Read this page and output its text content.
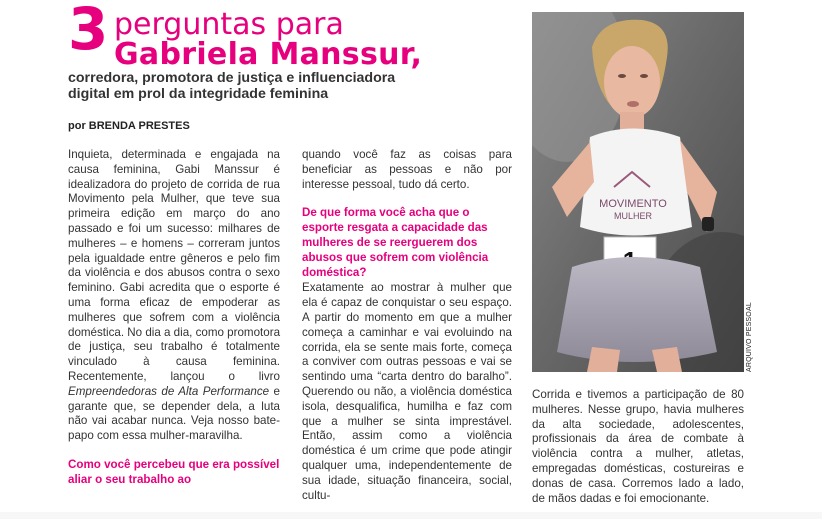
3 perguntas para
Gabriela Manssur,
corredora, promotora de justiça e influenciadora digital em prol da integridade feminina
por BRENDA PRESTES

Inquieta, determinada e engajada na causa feminina, Gabi Manssur é idealizadora do projeto de corrida de rua Movimento pela Mulher, que teve sua primeira edição em março do ano passado e foi um sucesso: milhares de mulheres – e homens – correram juntos pela igualdade entre gêneros e pelo fim da violência e dos abusos contra o sexo feminino. Gabi acredita que o esporte é uma forma eficaz de empoderar as mulheres que sofrem com a violência doméstica. No dia a dia, como promotora de justiça, seu trabalho é totalmente vinculado à causa feminina. Recentemente, lançou o livro Empreendedoras de Alta Performance e garante que, se depender dela, a luta não vai acabar nunca. Veja nosso bate-papo com essa mulher-maravilha.

Como você percebeu que era possível aliar o seu trabalho ao

quando você faz as coisas para beneficiar as pessoas e não por interesse pessoal, tudo dá certo.

De que forma você acha que o esporte resgata a capacidade das mulheres de se reerguerem dos abusos que sofrem com violência doméstica?

Exatamente ao mostrar à mulher que ela é capaz de conquistar o seu espaço. A partir do momento em que a mulher começa a caminhar e vai evoluindo na corrida, ela se sente mais forte, começa a conviver com outras pessoas e vai se sentindo uma “carta dentro do baralho”. Querendo ou não, a violência doméstica isola, desqualifica, humilha e faz com que a mulher se sinta imprestável. Então, assim como a violência doméstica é um crime que pode atingir qualquer uma, independentemente de sua idade, situação financeira, social, cultu-

MOVIMENTO
MULHER
ARQUIVO PESSOAL

Corrida e tivemos a participação de 80 mulheres. Nesse grupo, havia mulheres da alta sociedade, adolescentes, profissionais da área de combate à violência contra a mulher, atletas, empregadas domésticas, costureiras e donas de casa. Corremos lado a lado, de mãos dadas e foi emocionante.
